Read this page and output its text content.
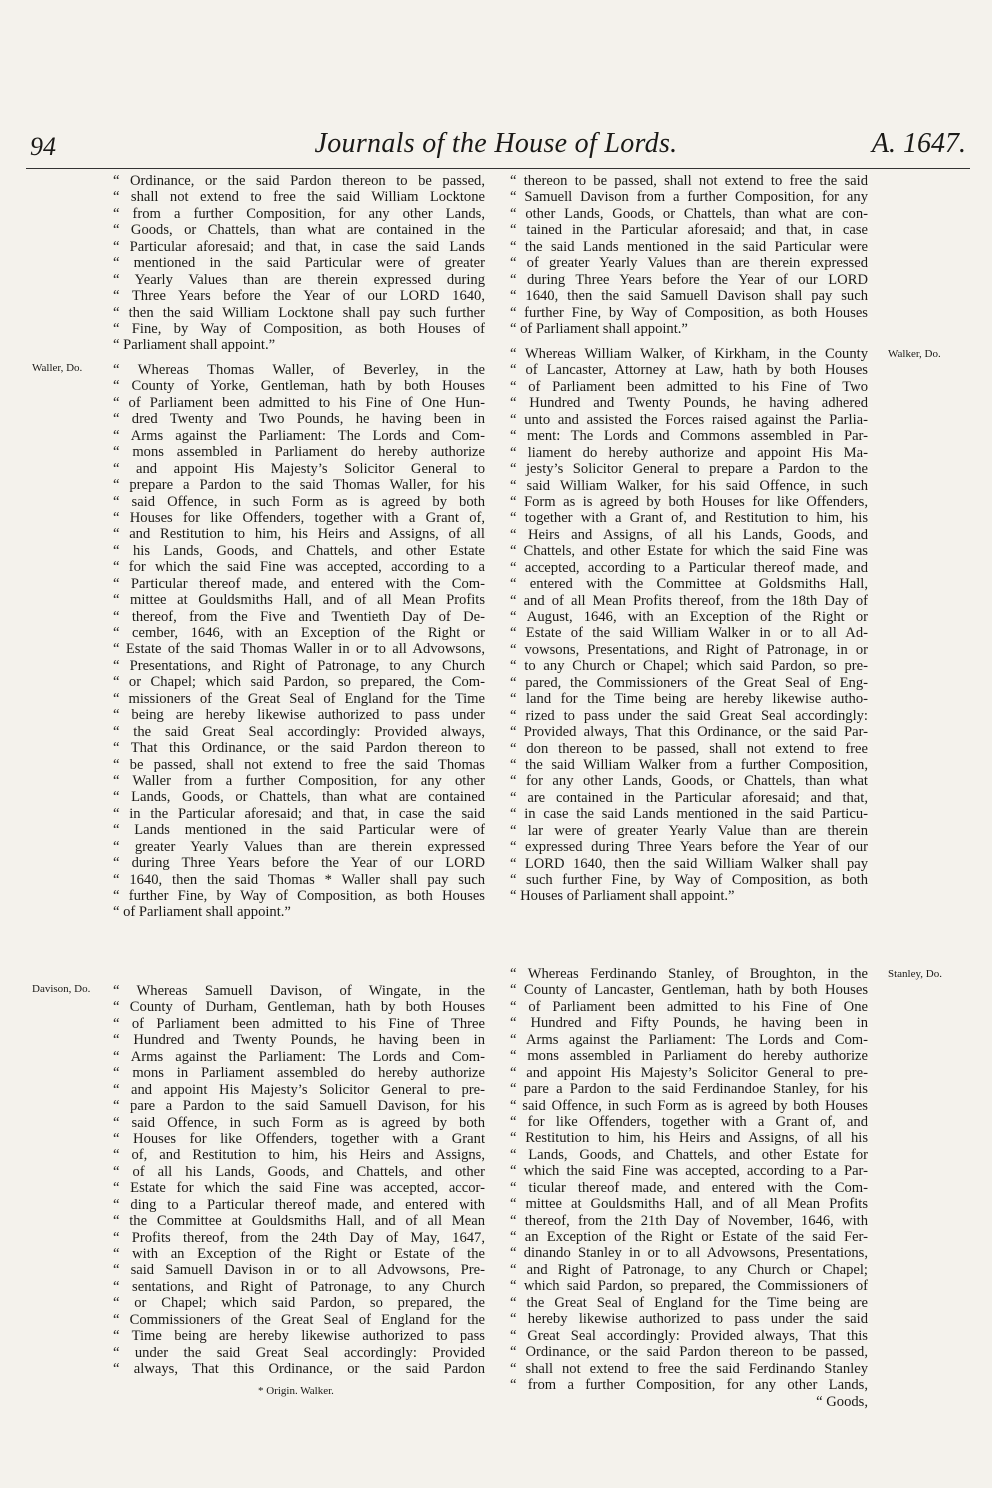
94	Journals of the House of Lords.	A. 1647.
“ Ordinance, or the said Pardon thereon to be passed,
“ shall not extend to free the said William Locktone
“ from a further Composition, for any other Lands,
“ Goods, or Chattels, than what are contained in the
“ Particular aforesaid; and that, in case the said Lands
“ mentioned in the said Particular were of greater
“ Yearly Values than are therein expressed during
“ Three Years before the Year of our LORD 1640,
“ then the said William Locktone shall pay such further
“ Fine, by Way of Composition, as both Houses of
“ Parliament shall appoint.”
“ thereon to be passed, shall not extend to free the said
“ Samuell Davison from a further Composition, for any
“ other Lands, Goods, or Chattels, than what are con-
“ tained in the Particular aforesaid; and that, in case
“ the said Lands mentioned in the said Particular were
“ of greater Yearly Values than are therein expressed
“ during Three Years before the Year of our LORD
“ 1640, then the said Samuell Davison shall pay such
“ further Fine, by Way of Composition, as both Houses
“ of Parliament shall appoint.”
Waller, Do.
Walker, Do.
“ Whereas Thomas Waller, of Beverley, in the
“ County of Yorke, Gentleman, hath by both Houses
“ of Parliament been admitted to his Fine of One Hun-
“ dred Twenty and Two Pounds, he having been in
“ Arms against the Parliament: The Lords and Com-
“ mons assembled in Parliament do hereby authorize
“ and appoint His Majesty’s Solicitor General to
“ prepare a Pardon to the said Thomas Waller, for his
“ said Offence, in such Form as is agreed by both
“ Houses for like Offenders, together with a Grant of,
“ and Restitution to him, his Heirs and Assigns, of all
“ his Lands, Goods, and Chattels, and other Estate
“ for which the said Fine was accepted, according to a
“ Particular thereof made, and entered with the Com-
“ mittee at Gouldsmiths Hall, and of all Mean Profits
“ thereof, from the Five and Twentieth Day of De-
“ cember, 1646, with an Exception of the Right or
“ Estate of the said Thomas Waller in or to all Advowsons,
“ Presentations, and Right of Patronage, to any Church
“ or Chapel; which said Pardon, so prepared, the Com-
“ missioners of the Great Seal of England for the Time
“ being are hereby likewise authorized to pass under
“ the said Great Seal accordingly: Provided always,
“ That this Ordinance, or the said Pardon thereon to
“ be passed, shall not extend to free the said Thomas
“ Waller from a further Composition, for any other
“ Lands, Goods, or Chattels, than what are contained
“ in the Particular aforesaid; and that, in case the said
“ Lands mentioned in the said Particular were of
“ greater Yearly Values than are therein expressed
“ during Three Years before the Year of our LORD
“ 1640, then the said Thomas * Waller shall pay such
“ further Fine, by Way of Composition, as both Houses
“ of Parliament shall appoint.”
“ Whereas William Walker, of Kirkham, in the County
“ of Lancaster, Attorney at Law, hath by both Houses
“ of Parliament been admitted to his Fine of Two
“ Hundred and Twenty Pounds, he having adhered
“ unto and assisted the Forces raised against the Parlia-
“ ment: The Lords and Commons assembled in Par-
“ liament do hereby authorize and appoint His Ma-
“ jesty’s Solicitor General to prepare a Pardon to the
“ said William Walker, for his said Offence, in such
“ Form as is agreed by both Houses for like Offenders,
“ together with a Grant of, and Restitution to him, his
“ Heirs and Assigns, of all his Lands, Goods, and
“ Chattels, and other Estate for which the said Fine was
“ accepted, according to a Particular thereof made, and
“ entered with the Committee at Goldsmiths Hall,
“ and of all Mean Profits thereof, from the 18th Day of
“ August, 1646, with an Exception of the Right or
“ Estate of the said William Walker in or to all Ad-
“ vowsons, Presentations, and Right of Patronage, in or
“ to any Church or Chapel; which said Pardon, so pre-
“ pared, the Commissioners of the Great Seal of Eng-
“ land for the Time being are hereby likewise autho-
“ rized to pass under the said Great Seal accordingly:
“ Provided always, That this Ordinance, or the said Par-
“ don thereon to be passed, shall not extend to free
“ the said William Walker from a further Composition,
“ for any other Lands, Goods, or Chattels, than what
“ are contained in the Particular aforesaid; and that,
“ in case the said Lands mentioned in the said Particu-
“ lar were of greater Yearly Value than are therein
“ expressed during Three Years before the Year of our
“ LORD 1640, then the said William Walker shall pay
“ such further Fine, by Way of Composition, as both
“ Houses of Parliament shall appoint.”
Davison, Do.
Stanley, Do.
“ Whereas Samuell Davison, of Wingate, in the
“ County of Durham, Gentleman, hath by both Houses
“ of Parliament been admitted to his Fine of Three
“ Hundred and Twenty Pounds, he having been in
“ Arms against the Parliament: The Lords and Com-
“ mons in Parliament assembled do hereby authorize
“ and appoint His Majesty’s Solicitor General to pre-
“ pare a Pardon to the said Samuell Davison, for his
“ said Offence, in such Form as is agreed by both
“ Houses for like Offenders, together with a Grant
“ of, and Restitution to him, his Heirs and Assigns,
“ of all his Lands, Goods, and Chattels, and other
“ Estate for which the said Fine was accepted, accor-
“ ding to a Particular thereof made, and entered with
“ the Committee at Gouldsmiths Hall, and of all Mean
“ Profits thereof, from the 24th Day of May, 1647,
“ with an Exception of the Right or Estate of the
“ said Samuell Davison in or to all Advowsons, Pre-
“ sentations, and Right of Patronage, to any Church
“ or Chapel; which said Pardon, so prepared, the
“ Commissioners of the Great Seal of England for the
“ Time being are hereby likewise authorized to pass
“ under the said Great Seal accordingly: Provided
“ always, That this Ordinance, or the said Pardon
“ Whereas Ferdinando Stanley, of Broughton, in the
“ County of Lancaster, Gentleman, hath by both Houses
“ of Parliament been admitted to his Fine of One
“ Hundred and Fifty Pounds, he having been in
“ Arms against the Parliament: The Lords and Com-
“ mons assembled in Parliament do hereby authorize
“ and appoint His Majesty’s Solicitor General to pre-
“ pare a Pardon to the said Ferdinandoe Stanley, for his
“ said Offence, in such Form as is agreed by both Houses
“ for like Offenders, together with a Grant of, and
“ Restitution to him, his Heirs and Assigns, of all his
“ Lands, Goods, and Chattels, and other Estate for
“ which the said Fine was accepted, according to a Par-
“ ticular thereof made, and entered with the Com-
“ mittee at Gouldsmiths Hall, and of all Mean Profits
“ thereof, from the 21th Day of November, 1646, with
“ an Exception of the Right or Estate of the said Fer-
“ dinando Stanley in or to all Advowsons, Presentations,
“ and Right of Patronage, to any Church or Chapel;
“ which said Pardon, so prepared, the Commissioners of
“ the Great Seal of England for the Time being are
“ hereby likewise authorized to pass under the said
“ Great Seal accordingly: Provided always, That this
“ Ordinance, or the said Pardon thereon to be passed,
“ shall not extend to free the said Ferdinando Stanley
“ from a further Composition, for any other Lands,
“ Goods,
* Origin. Walker.
